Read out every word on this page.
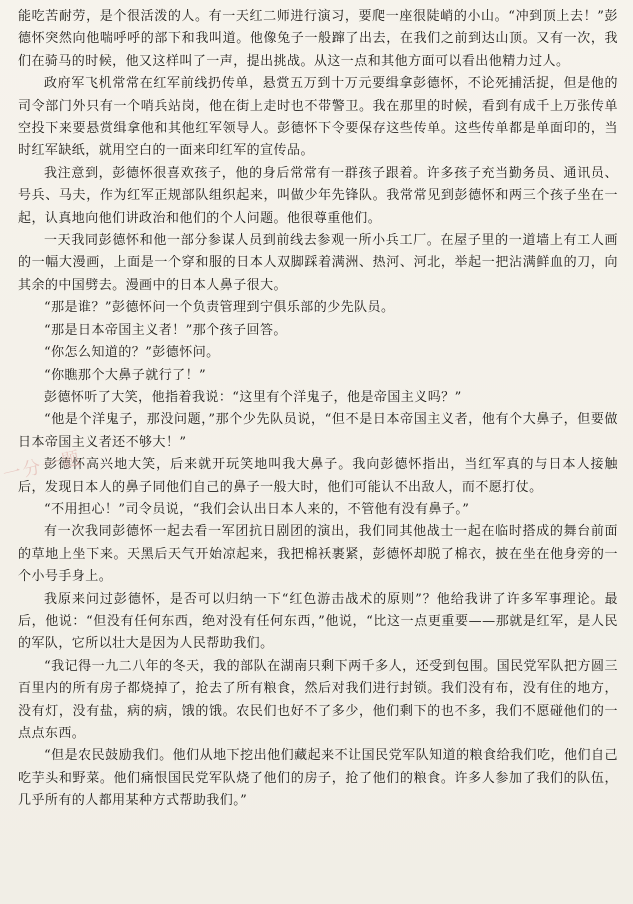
能吃苦耐劳，是个很活泼的人。有一天红二师进行演习，要爬一座很陡峭的小山。“冲到顶上去！”彭德怀突然向他喘呼呼的部下和我叫道。他像兔子一般蹿了出去，在我们之前到达山顶。又有一次，我们在骑马的时候，他又这样叫了一声，提出挑战。从这一点和其他方面可以看出他精力过人。

政府军飞机常常在红军前线扔传单，悬赏五万到十万元要缉拿彭德怀，不论死捕活捉，但是他的司令部门外只有一个哨兵站岗，他在街上走时也不带警卫。我在那里的时候，看到有成千上万张传单空投下来要悬赏缉拿他和其他红军领导人。彭德怀下令要保存这些传单。这些传单都是单面印的，当时红军缺纸，就用空白的一面来印红军的宣传品。

我注意到，彭德怀很喜欢孩子，他的身后常常有一群孩子跟着。许多孩子充当勤务员、通讯员、号兵、马夫，作为红军正规部队组织起来，叫做少年先锋队。我常常见到彭德怀和两三个孩子坐在一起，认真地向他们讲政治和他们的个人问题。他很尊重他们。

一天我同彭德怀和他一部分参谋人员到前线去参观一所小兵工厂。在屋子里的一道墙上有工人画的一幅大漫画，上面是一个穿和服的日本人双脚踩着满洲、热河、河北，举起一把沾满鲜血的刀，向其余的中国劈去。漫画中的日本人鼻子很大。

“那是谁？”彭德怀问一个负责管理到宁俱乐部的少先队员。

“那是日本帝国主义者！”那个孩子回答。

“你怎么知道的？”彭德怀问。

“你瞧那个大鼻子就行了！”

彭德怀听了大笑，他指着我说：“这里有个洋鬼子，他是帝国主义吗？”

“他是个洋鬼子，那没问题，”那个少先队员说，“但不是日本帝国主义者，他有个大鼻子，但要做日本帝国主义者还不够大！”

彭德怀高兴地大笑，后来就开玩笑地叫我大鼻子。我向彭德怀指出，当红军真的与日本人接触后，发现日本人的鼻子同他们自己的鼻子一般大时，他们可能认不出敌人，而不愿打仗。

“不用担心！”司令员说，“我们会认出日本人来的，不管他有没有鼻子。”

有一次我同彭德怀一起去看一军团抗日剧团的演出，我们同其他战士一起在临时搭成的舞台前面的草地上坐下来。天黑后天气开始凉起来，我把棉袄裹紧，彭德怀却脱了棉衣，披在坐在他身旁的一个小号手身上。

我原来问过彭德怀，是否可以归纳一下“红色游击战术的原则”？他给我讲了许多军事理论。最后，他说：“但没有任何东西，绝对没有任何东西，”他说，“比这一点更重要——那就是红军，是人民的军队，它所以壮大是因为人民帮助我们。

“我记得一九二八年的冬天，我的部队在湖南只剩下两千多人，还受到包围。国民党军队把方圆三百里内的所有房子都烧掉了，抢去了所有粮食，然后对我们进行封锁。我们没有布，没有住的地方，没有灯，没有盐，病的病，饿的饿。农民们也好不了多少，他们剩下的也不多，我们不愿碰他们的一点点东西。

“但是农民鼓励我们。他们从地下挖出他们藏起来不让国民党军队知道的粮食给我们吃，他们自己吃芋头和野菜。他们痛恨国民党军队烧了他们的房子，抢了他们的粮食。许多人参加了我们的队伍，几乎所有的人都用某种方式帮助我们。”

一分一题
